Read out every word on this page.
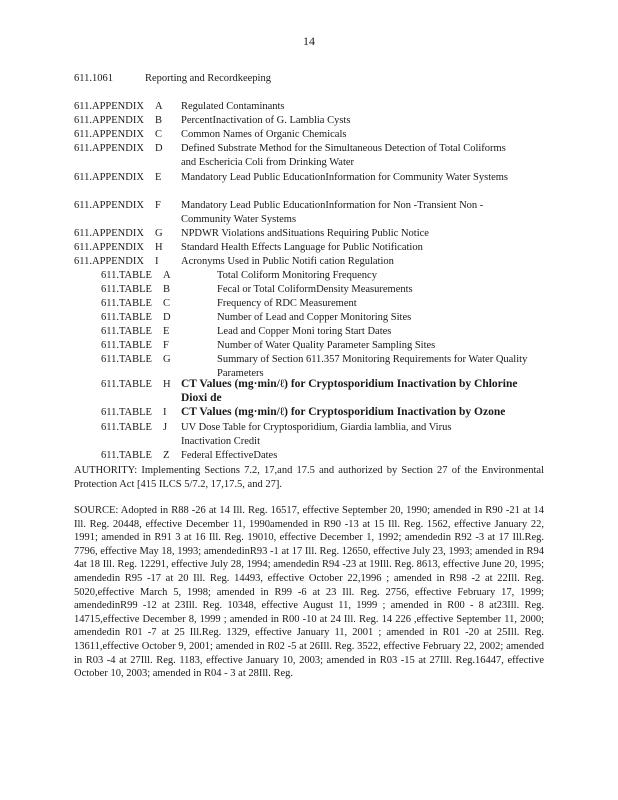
14
611.1061	Reporting and Recordkeeping
611.APPENDIX A Regulated Contaminants
611.APPENDIX B PercentInactivation of G. Lamblia Cysts
611.APPENDIX C Common Names of Organic Chemicals
611.APPENDIX D Defined Substrate Method for the Simultaneous Detection of Total Coliforms and Eschericia Coli from Drinking Water
611.APPENDIX E Mandatory Lead Public EducationInformation for Community Water Systems
611.APPENDIX F Mandatory Lead Public EducationInformation for Non -Transient Non -Community Water Systems
611.APPENDIX G NPDWR Violations andSituations Requiring Public Notice
611.APPENDIX H Standard Health Effects Language for Public Notification
611.APPENDIX I Acronyms Used in Public Notifi cation Regulation
611.TABLE A	Total Coliform Monitoring Frequency
611.TABLE B	Fecal or Total ColiformDensity Measurements
611.TABLE C	Frequency of RDC Measurement
611.TABLE D	Number of Lead and Copper Monitoring Sites
611.TABLE E	Lead and Copper Moni toring Start Dates
611.TABLE F	Number of Water Quality Parameter Sampling Sites
611.TABLE G	Summary of Section 611.357 Monitoring Requirements for Water Quality Parameters
611.TABLE H CT Values (mg·min/ℓ) for Cryptosporidium Inactivation by Chlorine Dioxi de
611.TABLE I CT Values (mg·min/ℓ) for Cryptosporidium Inactivation by Ozone
611.TABLE J UV Dose Table for Cryptosporidium, Giardia lamblia, and Virus Inactivation Credit
611.TABLE Z Federal EffectiveDates

AUTHORITY: Implementing Sections 7.2, 17,and 17.5 and authorized by Section 27 of the Environmental Protection Act [415 ILCS 5/7.2, 17,17.5, and 27].

SOURCE: Adopted in R88 -26 at 14 Ill. Reg. 16517, effective September 20, 1990; amended in R90 -21 at 14 Ill. Reg. 20448, effective December 11, 1990amended in R90 -13 at 15 Ill. Reg. 1562, effective January 22, 1991; amended in R91 3 at 16 Ill. Reg. 19010, effective December 1, 1992; amendedin R92 -3 at 17 Ill.Reg. 7796, effective May 18, 1993; amendedinR93 -1 at 17 Ill. Reg. 12650, effective July 23, 1993; amended in R94 4at 18 Ill. Reg. 12291, effective July 28, 1994; amendedin R94 -23 at 19Ill. Reg. 8613, effective June 20, 1995; amendedin R95 -17 at 20 Ill. Reg. 14493, effective October 22,1996 ; amended in R98 -2 at 22Ill. Reg. 5020,effective March 5, 1998; amended in R99 -6 at 23 Ill. Reg. 2756, effective February 17, 1999; amendedinR99 -12 at 23Ill. Reg. 10348, effective August 11, 1999 ; amended in R00 - 8 at23Ill. Reg. 14715,effective December 8, 1999 ; amended in R00 -10 at 24 Ill. Reg. 14 226 ,effective September 11, 2000; amendedin R01 -7 at 25 Ill.Reg. 1329, effective January 11, 2001 ; amended in R01 -20 at 25Ill. Reg. 13611,effective October 9, 2001; amended in R02 -5 at 26Ill. Reg. 3522, effective February 22, 2002; amended in R03 -4 at 27Ill. Reg. 1183, effective January 10, 2003; amended in R03 -15 at 27Ill. Reg.16447, effective October 10, 2003; amended in R04 - 3 at 28Ill. Reg.
